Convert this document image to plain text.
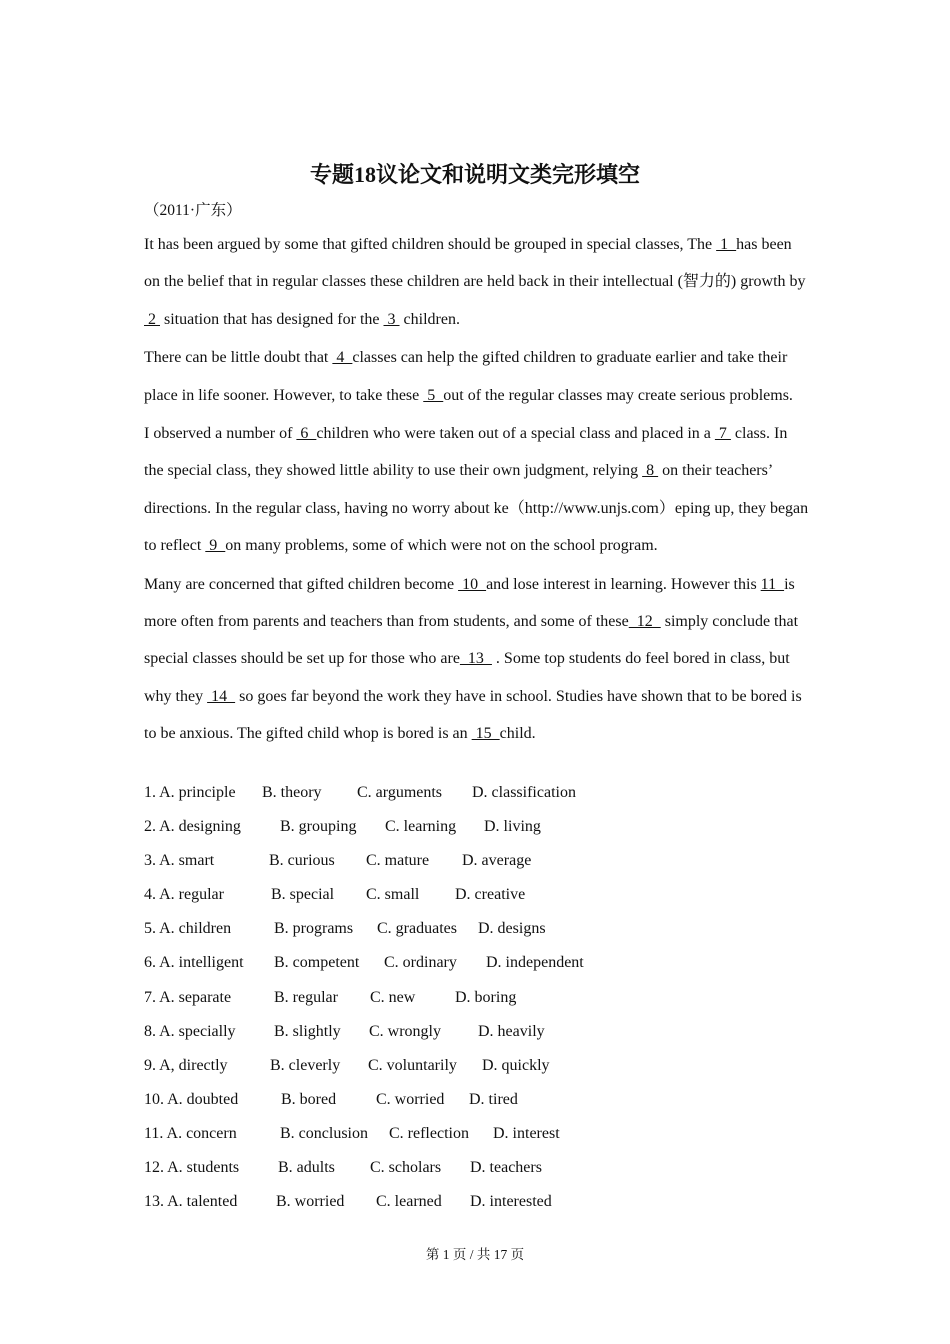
专题18议论文和说明文类完形填空
（2011·广东）

It has been argued by some that gifted children should be grouped in special classes, The  1  has been on the belief that in regular classes these children are held back in their intellectual (智力的) growth by  2  situation that has designed for the  3  children.

There can be little doubt that  4  classes can help the gifted children to graduate earlier and take their place in life sooner. However, to take these  5  out of the regular classes may create serious problems.

I observed a number of  6  children who were taken out of a special class and placed in a  7  class. In the special class, they showed little ability to use their own judgment, relying  8  on their teachers’ directions. In the regular class, having no worry about ke（http://www.unjs.com）eping up, they began to reflect  9  on many problems, some of which were not on the school program.

Many are concerned that gifted children become  10  and lose interest in learning. However this 11  is more often from parents and teachers than from students, and some of these  12   simply conclude that special classes should be set up for those who are  13   . Some top students do feel bored in class, but why they  14   so goes far beyond the work they have in school. Studies have shown that to be bored is to be anxious. The gifted child whop is bored is an  15  child.

1. A. principle B. theory C. arguments D. classification
2. A. designing B. grouping C. learning D. living
3. A. smart	B. curious C. mature D. average
4. A. regular	B. special C. small D. creative
5. A. children	B. programs C. graduates D. designs
6. A. intelligent B. competent C. ordinary D. independent
7. A. separate	B. regular C. new D. boring
8. A. specially B. slightly C. wrongly D. heavily
9. A, directly	B. cleverly C. voluntarily D. quickly
10. A. doubted	B. bored C. worried D. tired
11. A. concern	B. conclusion C. reflection D. interest
12. A. students B. adults C. scholars D. teachers
13. A. talented B. worried C. learned D. interested
第 1 页 / 共 17 页
